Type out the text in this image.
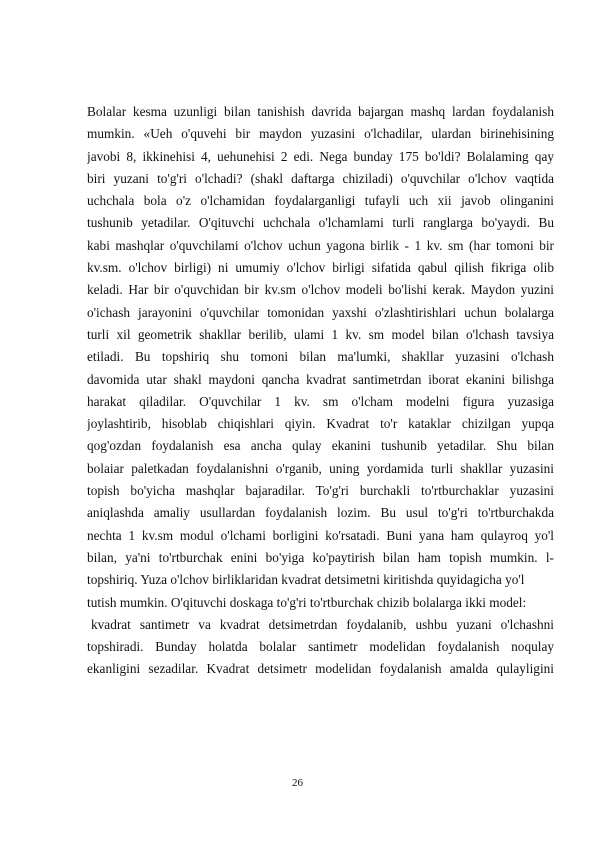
Bolalar kesma uzunligi bilan tanishish davrida bajargan mashq lardan foydalanish
mumkin. «Ueh o'quvehi bir maydon yuzasini o'lchadilar, ulardan birinehisining
javobi 8, ikkinehisi 4, uehunehisi 2 edi. Nega bunday 175 bo'ldi? Bolalaming qay
biri yuzani to'g'ri o'lchadi? (shakl daftarga chiziladi) o'quvchilar o'lchov vaqtida
uchchala bola o'z o'lchamidan foydalarganligi tufayli uch xii javob olinganini
tushunib yetadilar. O'qituvchi uchchala o'lchamlami turli ranglarga bo'yaydi. Bu
kabi mashqlar o'quvchilami o'lchov uchun yagona birlik - 1 kv. sm (har tomoni bir
kv.sm. o'lchov birligi) ni umumiy o'lchov birligi sifatida qabul qilish fikriga olib
keladi. Har bir o'quvchidan bir kv.sm o'lchov modeli bo'lishi kerak. Maydon yuzini
o'ichash jarayonini o'quvchilar tomonidan yaxshi o'zlashtirishlari uchun bolalarga
turli xil geometrik shakllar berilib, ulami 1 kv. sm model bilan o'lchash tavsiya
etiladi. Bu topshiriq shu tomoni bilan ma'lumki, shakllar yuzasini o'lchash
davomida utar shakl maydoni qancha kvadrat santimetrdan iborat ekanini bilishga
harakat qiladilar. O'quvchilar 1 kv. sm o'lcham modelni figura yuzasiga
joylashtirib, hisoblab chiqishlari qiyin. Kvadrat to'r kataklar chizilgan yupqa
qog'ozdan foydalanish esa ancha qulay ekanini tushunib yetadilar. Shu bilan
bolaiar paletkadan foydalanishni o'rganib, uning yordamida turli shakllar yuzasini
topish bo'yicha mashqlar bajaradilar. To'g'ri burchakli to'rtburchaklar yuzasini
aniqlashda amaliy usullardan foydalanish lozim. Bu usul to'g'ri to'rtburchakda
nechta 1 kv.sm modul o'lchami borligini ko'rsatadi. Buni yana ham qulayroq yo'l
bilan, ya'ni to'rtburchak enini bo'yiga ko'paytirish bilan ham topish mumkin. l-
topshiriq. Yuza o'lchov birliklaridan kvadrat detsimetni kiritishda quyidagicha yo'l
tutish mumkin. O'qituvchi doskaga to'g'ri to'rtburchak chizib bolalarga ikki model:
kvadrat santimetr va kvadrat detsimetrdan foydalanib, ushbu yuzani o'lchashni
topshiradi. Bunday holatda bolalar santimetr modelidan foydalanish noqulay
ekanligini sezadilar. Kvadrat detsimetr modelidan foydalanish amalda qulayligini
26
